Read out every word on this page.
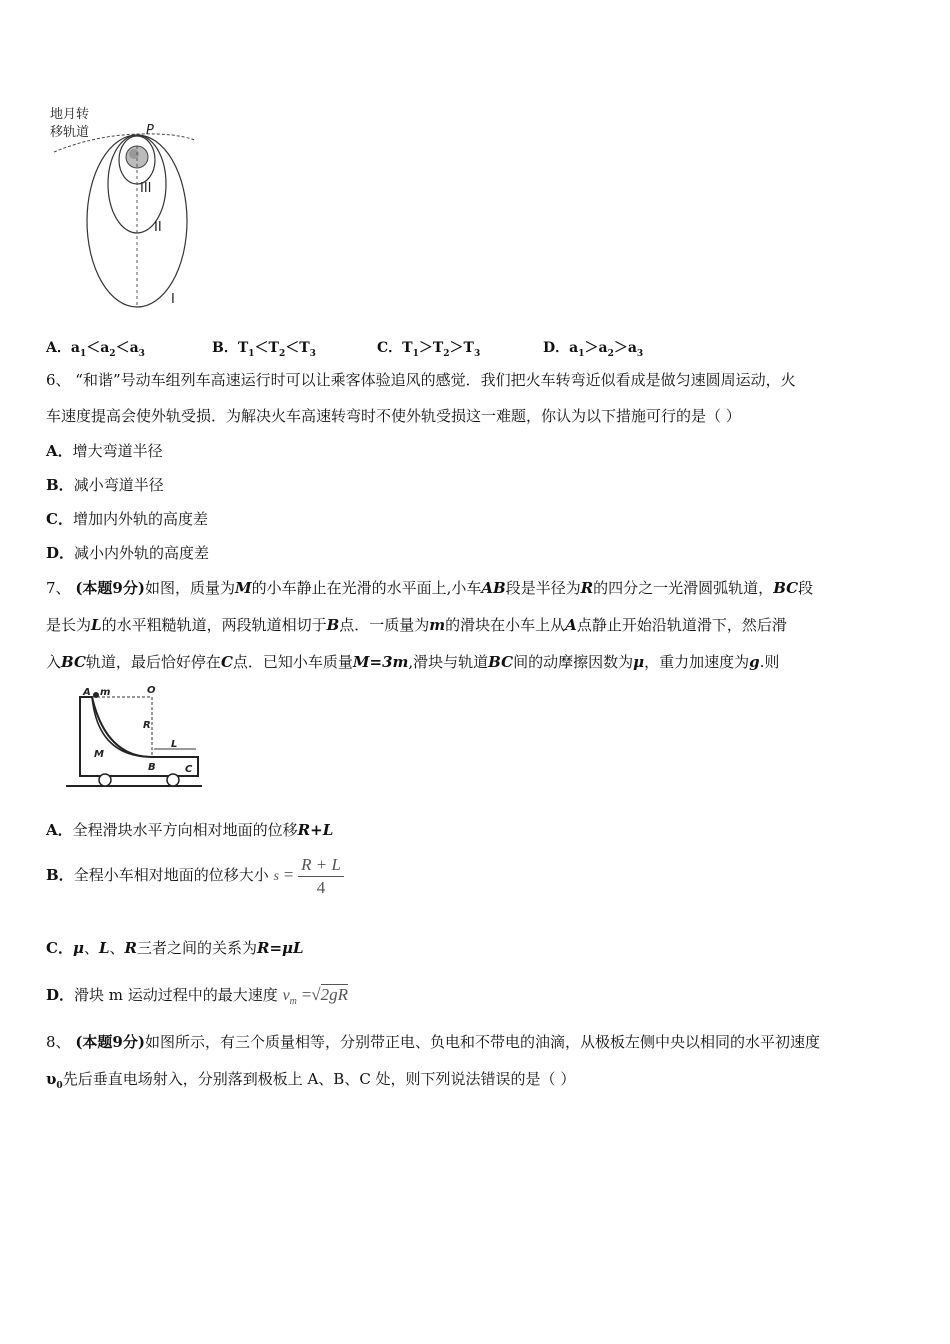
地月转
移轨道	P
III
II
I
A．$a_1<a_2<a_3$	B．$T_1<T_2<T_3$	C．$T_1>T_2>T_3$	D．$a_1>a_2>a_3$
6、 “和谐”号动车组列车高速运行时可以让乘客体验追风的感觉．我们把火车转弯近似看成是做匀速圆周运动，火
车速度提高会使外轨受损．为解决火车高速转弯时不使外轨受损这一难题，你认为以下措施可行的是（ ）
A．增大弯道半径
B．减小弯道半径
C．增加内外轨的高度差
D．减小内外轨的高度差
7、 (本题9分)如图，质量为M的小车静止在光滑的水平面上,小车AB段是半径为R的四分之一光滑圆弧轨道，BC段
是长为L的水平粗糙轨道，两段轨道相切于B点．一质量为m的滑块在小车上从A点静止开始沿轨道滑下，然后滑
入BC轨道，最后恰好停在C点．已知小车质量M=3m,滑块与轨道BC间的动摩擦因数为μ，重力加速度为g.则
A m	O
R
L
M
B	C
A．全程滑块水平方向相对地面的位移R+L
B．全程小车相对地面的位移大小 $s = \frac{R + L}{4}$
C．μ、L、R三者之间的关系为R=μL
D．滑块 m 运动过程中的最大速度 $v_m =√2gR$
8、 (本题9分)如图所示，有三个质量相等，分别带正电、负电和不带电的油滴，从极板左侧中央以相同的水平初速度
$\upsilon_0$先后垂直电场射入，分别落到极板上 A、B、C 处，则下列说法错误的是（ ）
